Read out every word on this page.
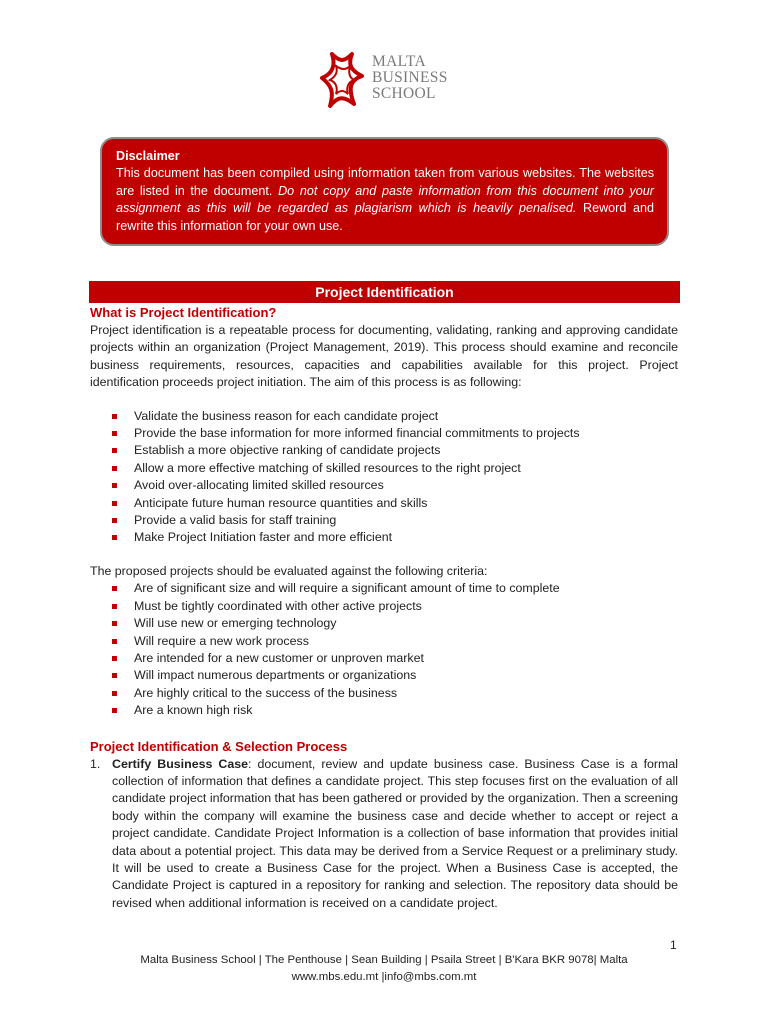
MALTA
BUSINESS
SCHOOL
Disclaimer
This document has been compiled using information taken from various websites. The websites are listed in the document. Do not copy and paste information from this document into your assignment as this will be regarded as plagiarism which is heavily penalised. Reword and rewrite this information for your own use.
Project Identification
What is Project Identification?
Project identification is a repeatable process for documenting, validating, ranking and approving candidate projects within an organization (Project Management, 2019). This process should examine and reconcile business requirements, resources, capacities and capabilities available for this project. Project identification proceeds project initiation. The aim of this process is as following:
Validate the business reason for each candidate project
Provide the base information for more informed financial commitments to projects
Establish a more objective ranking of candidate projects
Allow a more effective matching of skilled resources to the right project
Avoid over-allocating limited skilled resources
Anticipate future human resource quantities and skills
Provide a valid basis for staff training
Make Project Initiation faster and more efficient
The proposed projects should be evaluated against the following criteria:
Are of significant size and will require a significant amount of time to complete
Must be tightly coordinated with other active projects
Will use new or emerging technology
Will require a new work process
Are intended for a new customer or unproven market
Will impact numerous departments or organizations
Are highly critical to the success of the business
Are a known high risk
Project Identification & Selection Process
1. Certify Business Case: document, review and update business case. Business Case is a formal collection of information that defines a candidate project. This step focuses first on the evaluation of all candidate project information that has been gathered or provided by the organization. Then a screening body within the company will examine the business case and decide whether to accept or reject a project candidate. Candidate Project Information is a collection of base information that provides initial data about a potential project. This data may be derived from a Service Request or a preliminary study. It will be used to create a Business Case for the project. When a Business Case is accepted, the Candidate Project is captured in a repository for ranking and selection. The repository data should be revised when additional information is received on a candidate project.
1
Malta Business School | The Penthouse | Sean Building | Psaila Street | B'Kara BKR 9078| Malta
www.mbs.edu.mt |info@mbs.com.mt
